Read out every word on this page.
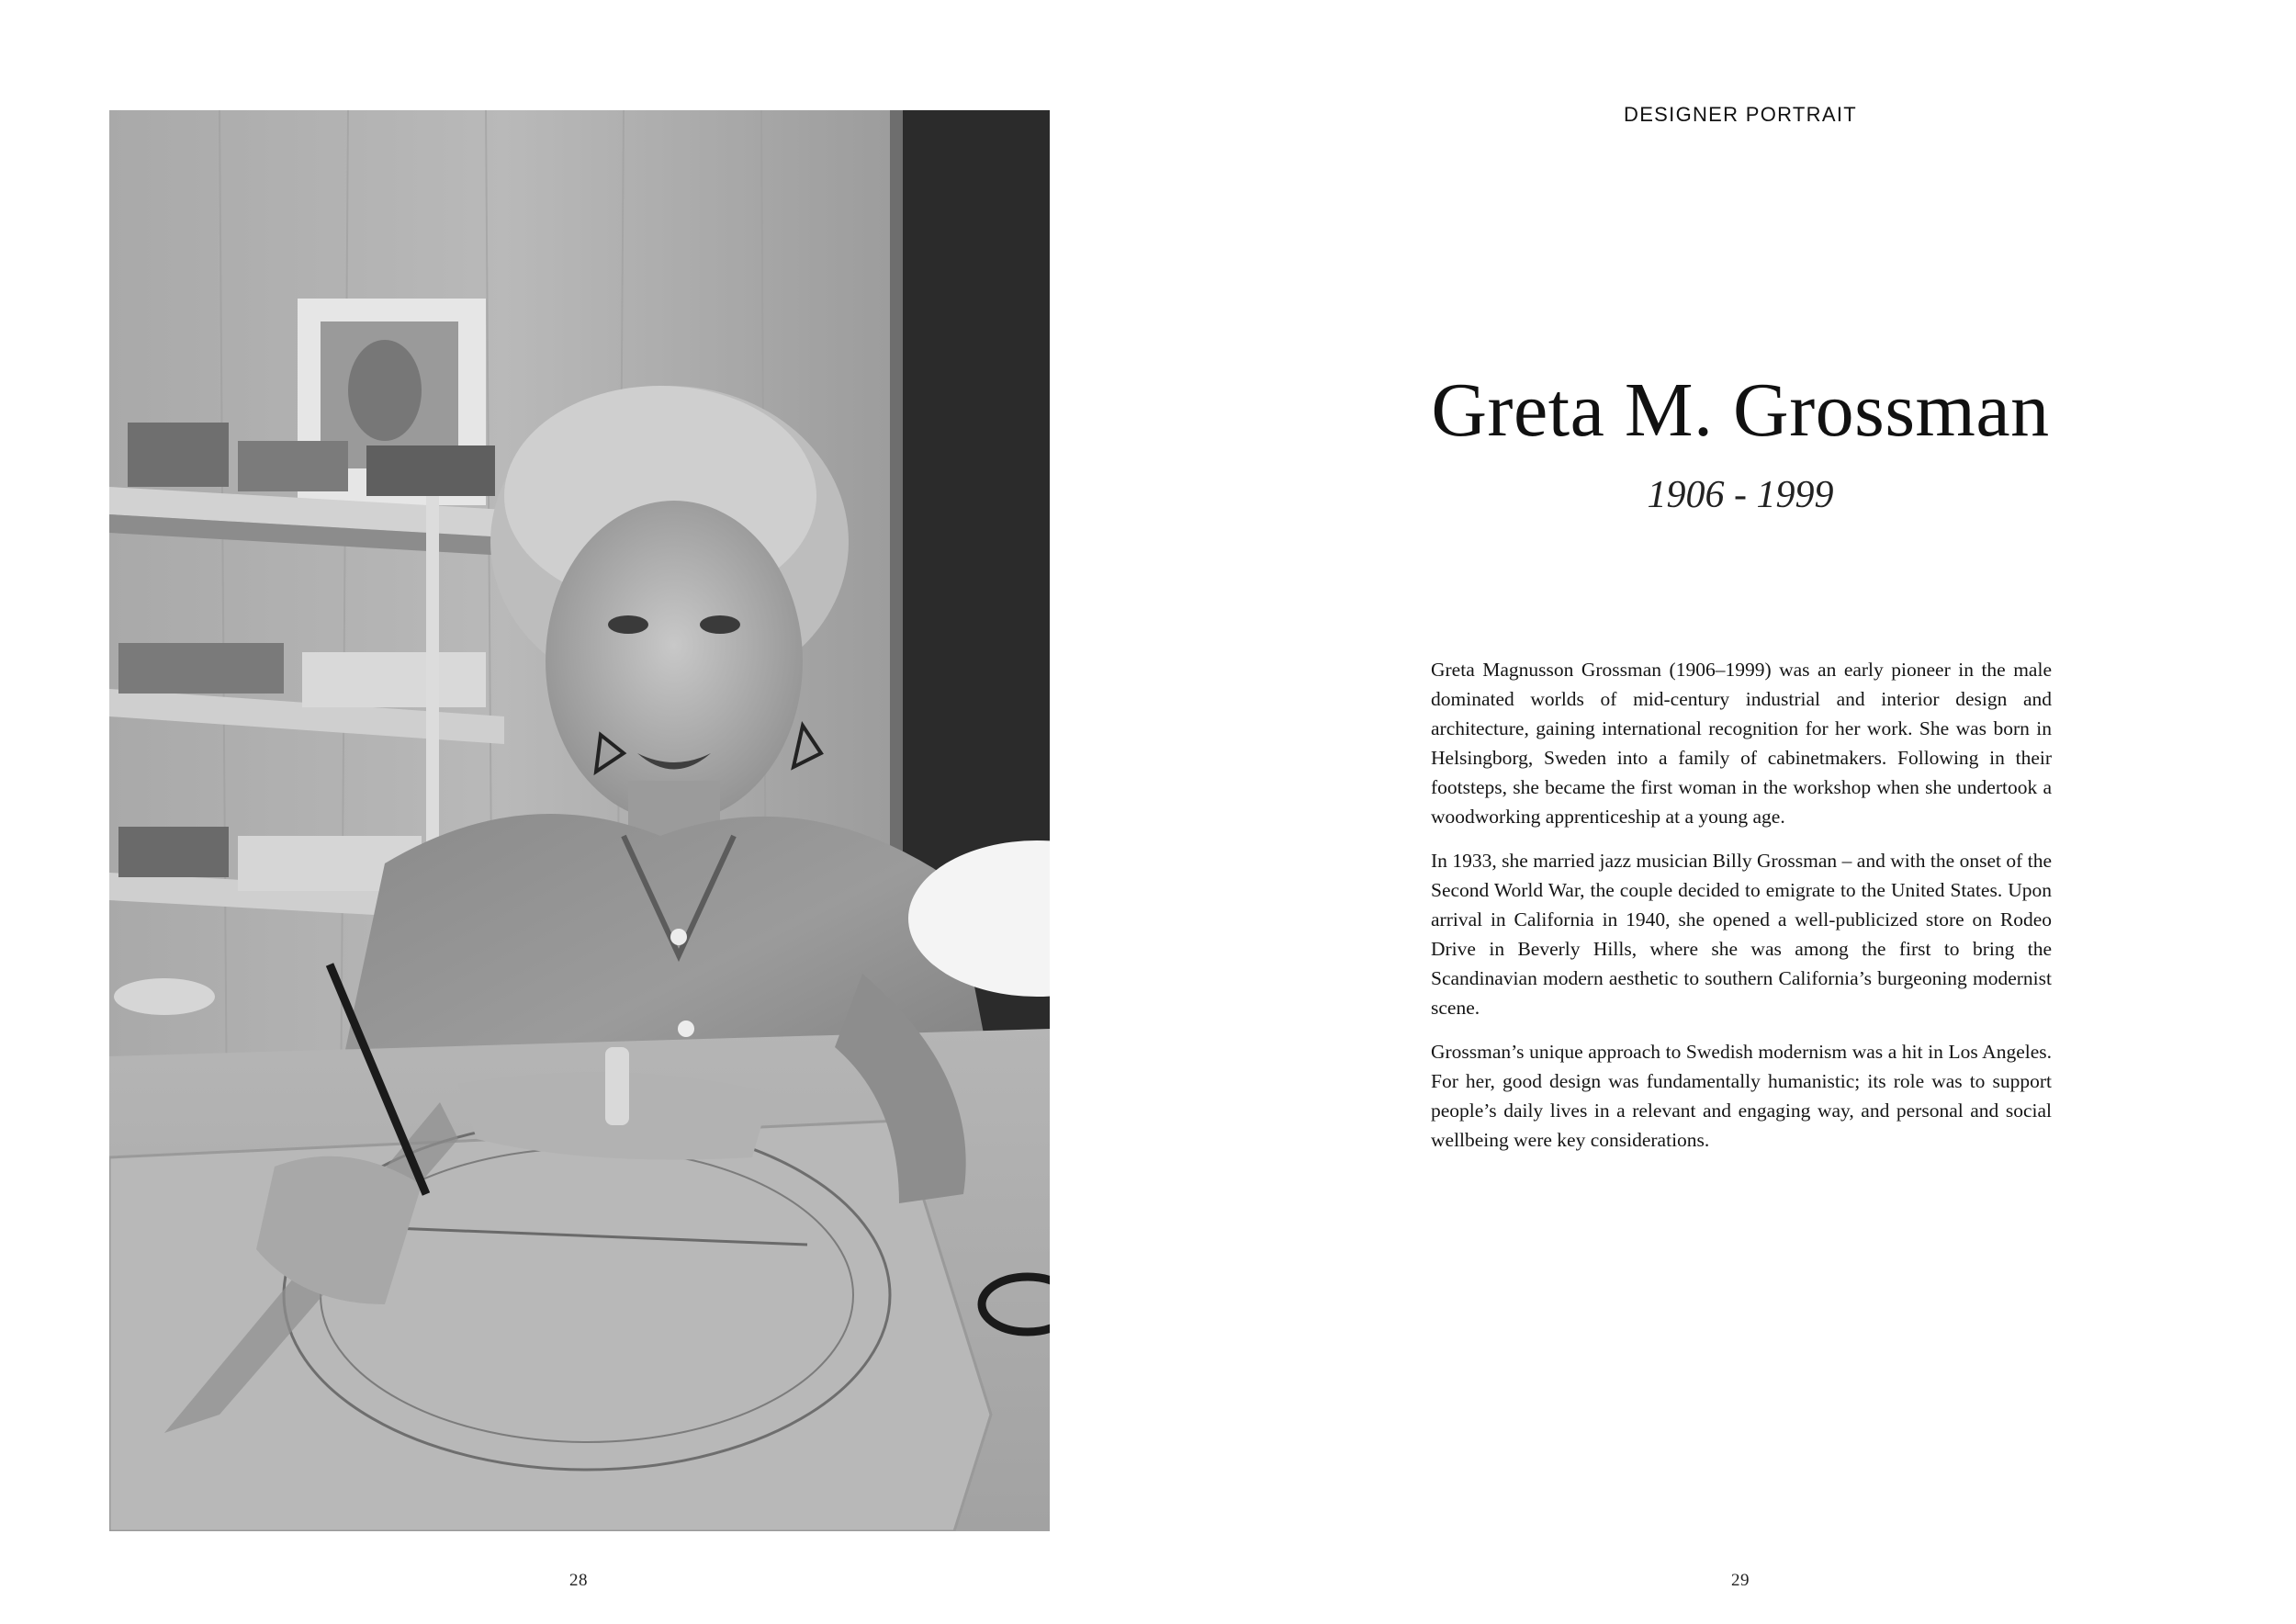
28
DESIGNER PORTRAIT
Greta M. Grossman
1906 - 1999

Greta Magnusson Grossman (1906–1999) was an early pioneer in the male dominated worlds of mid-century industrial and interior design and architecture, gaining international recognition for her work. She was born in Helsingborg, Sweden into a family of cabinetmakers. Following in their footsteps, she became the first woman in the workshop when she undertook a woodworking apprenticeship at a young age.

In 1933, she married jazz musician Billy Grossman – and with the onset of the Second World War, the couple decided to emigrate to the United States. Upon arrival in California in 1940, she opened a well-publicized store on Rodeo Drive in Beverly Hills, where she was among the first to bring the Scandinavian modern aesthetic to southern California’s burgeoning modernist scene.

Grossman’s unique approach to Swedish modernism was a hit in Los Angeles. For her, good design was fundamentally humanistic; its role was to support people’s daily lives in a relevant and engaging way, and personal and social wellbeing were key considerations.

29
